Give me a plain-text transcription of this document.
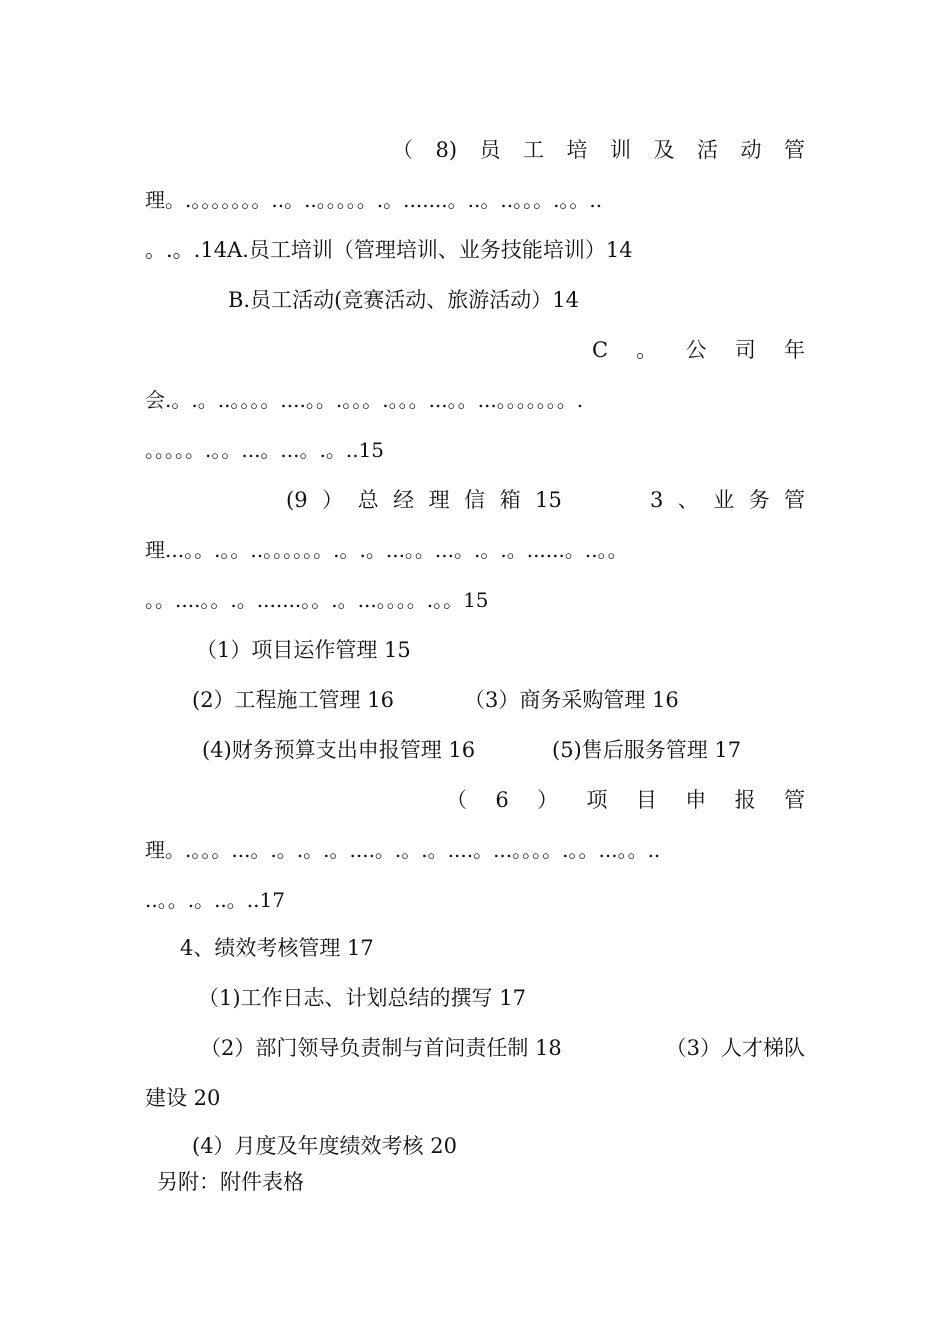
（ 8) 员 工 培 训 及 活 动 管
理。.。。。。。。。..。..。。。。。.。.......。..。..。。。.。。..
。.。.14A.员工培训（管理培训、业务技能培训）14
B.员工活动(竞赛活动、旅游活动）14
C 。 公 司 年
会.。.。..。。。。....。。.。。。.。。。...。。...。。。。。。。.
。。。。。.。。...。...。.。..15
(9 ） 总 经 理 信 箱 15	3 、 业 务 管
理...。。.。。..。。。。。。.。.。...。。...。.。.。......。..。。
。。....。。.。.......。。.。...。。。。.。。15
（1）项目运作管理 15
(2）工程施工管理 16	（3）商务采购管理 16
(4)财务预算支出申报管理 16	(5)售后服务管理 17
（ 6 ） 项 目 申 报 管
理。.。。。...。.。.。.。....。.。.。....。...。。。。.。。...。。..
..。。.。..。..17
4、绩效考核管理 17
（1)工作日志、计划总结的撰写 17
（2）部门领导负责制与首问责任制 18	（3）人才梯队
建设 20
(4）月度及年度绩效考核 20
另附：附件表格
